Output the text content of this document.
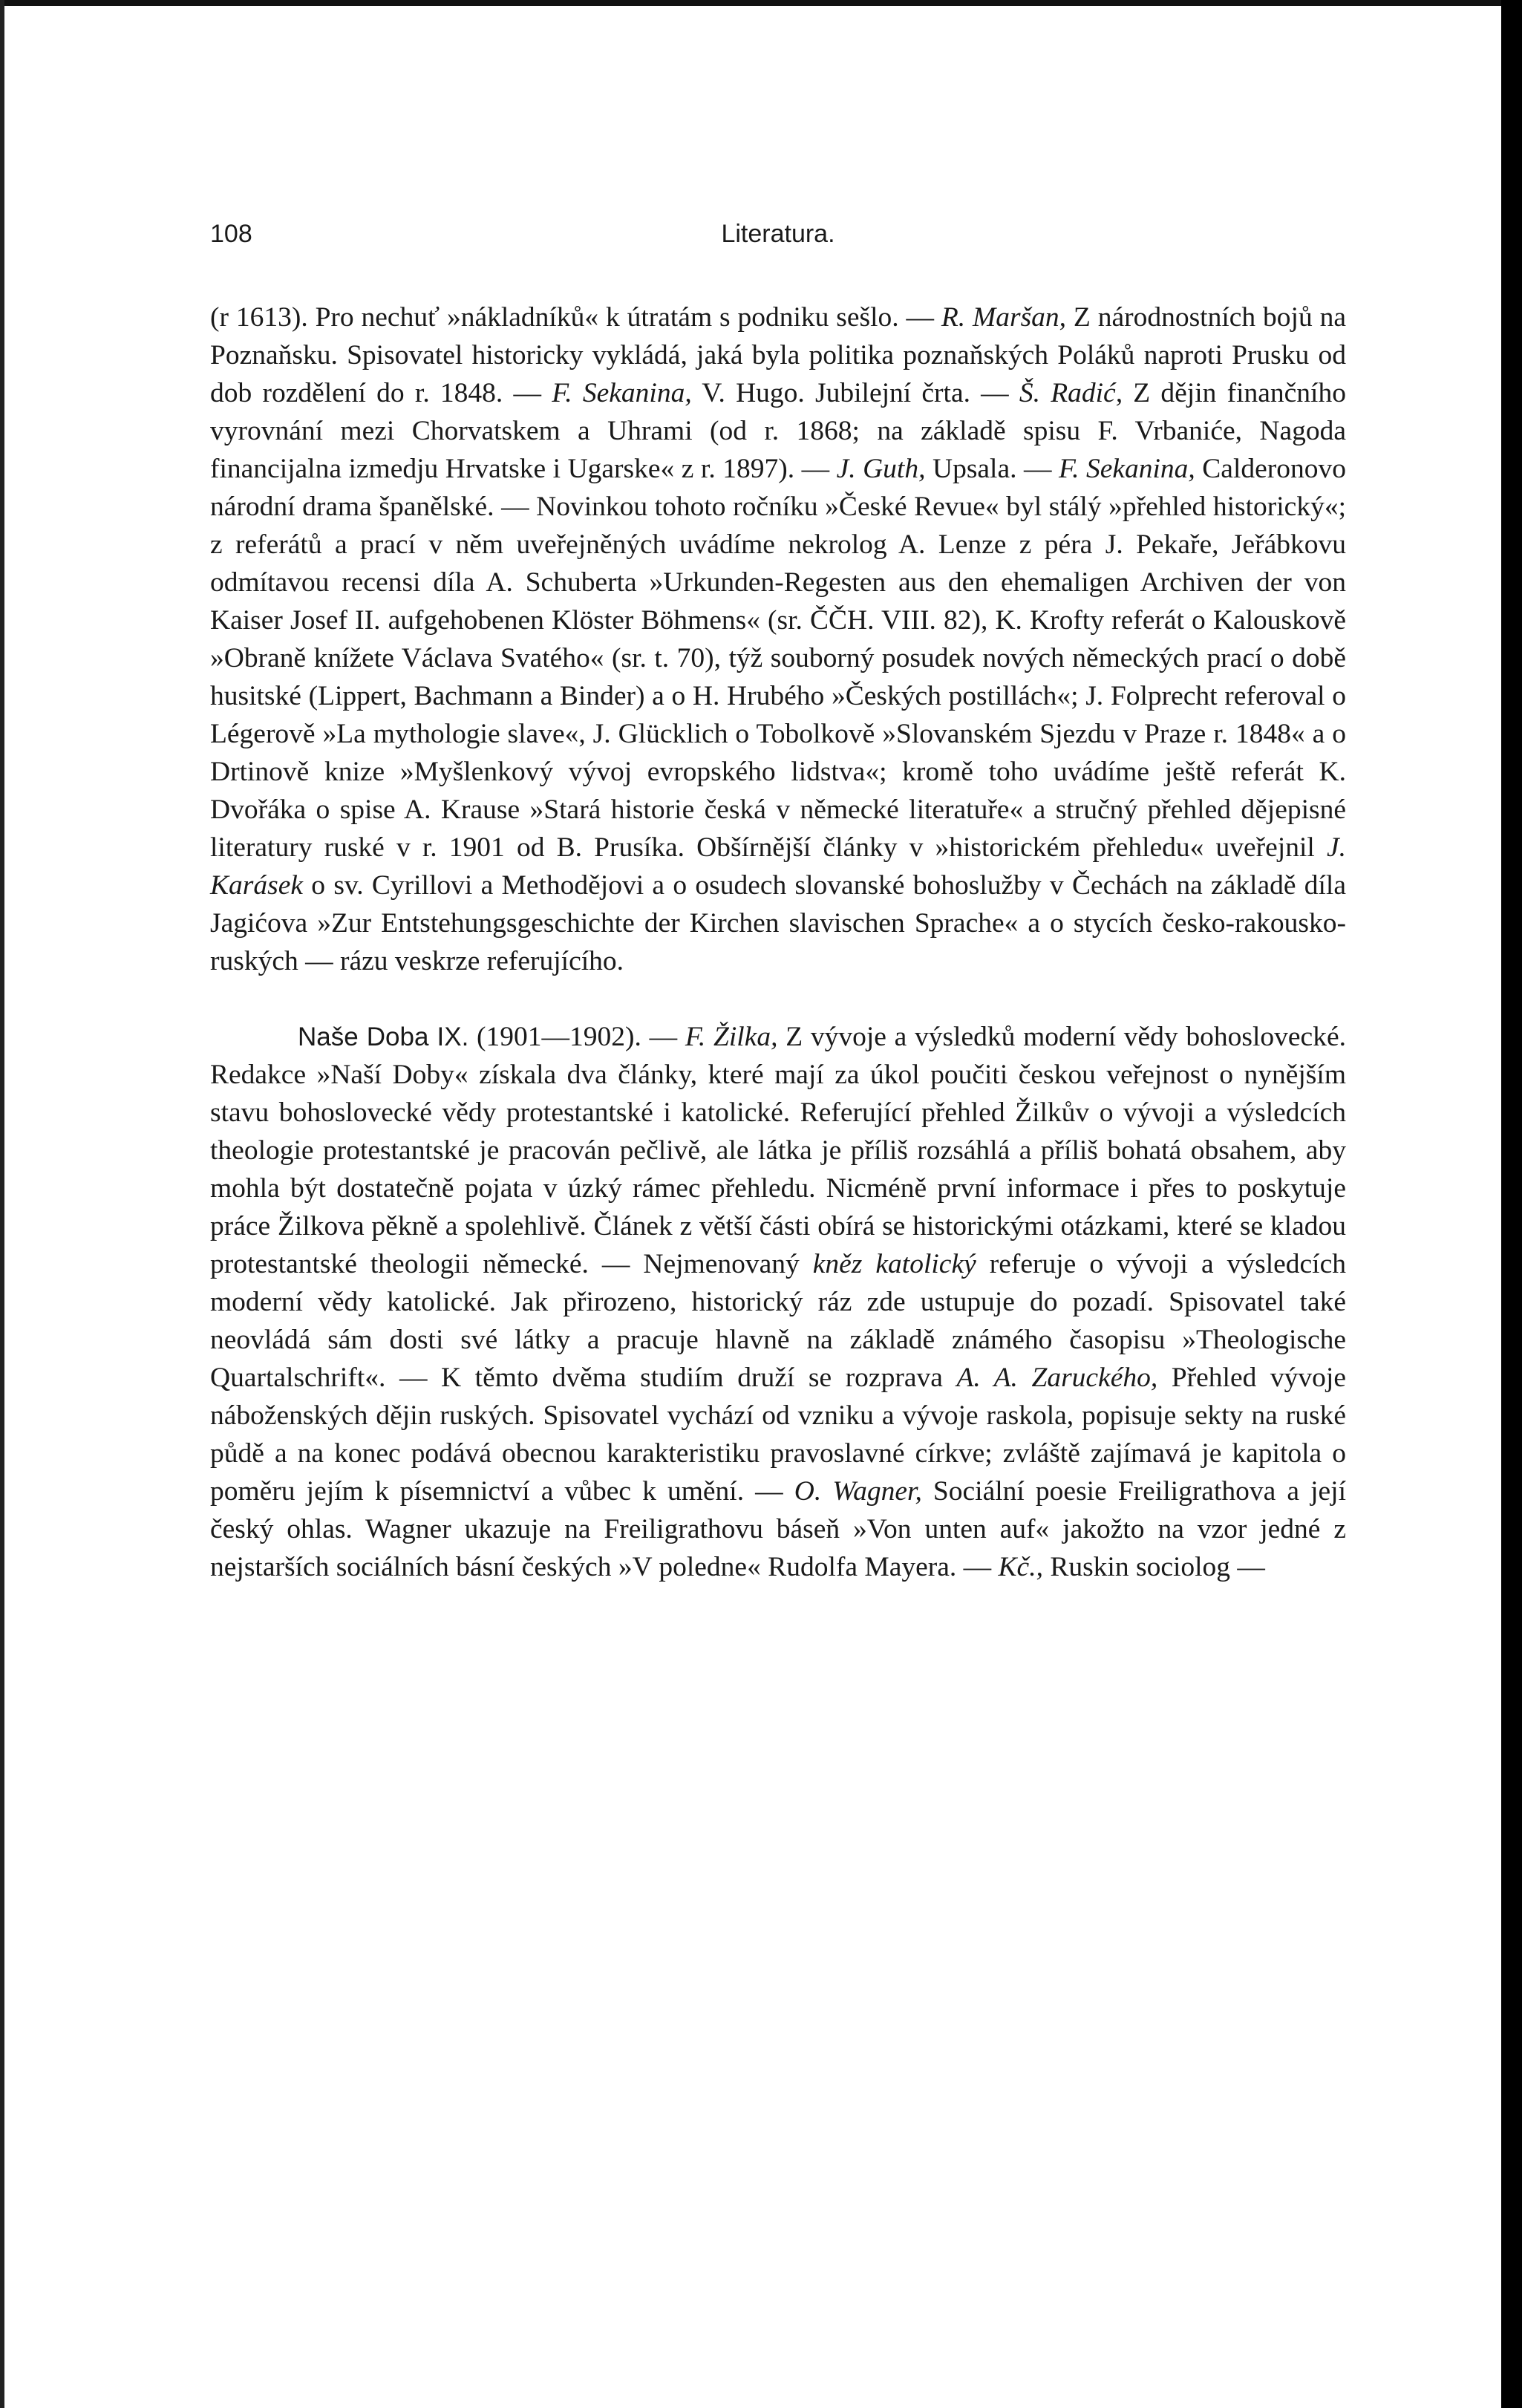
108	Literatura.

(r 1613). Pro nechuť »nákladníků« k útratám s podniku sešlo. — R. Maršan, Z národnostních bojů na Poznaňsku. Spisovatel historicky vykládá, jaká byla politika poznaňských Poláků naproti Prusku od dob rozdělení do r. 1848. — F. Sekanina, V. Hugo. Jubilejní črta. — Š. Radić, Z dějin finančního vyrovnání mezi Chorvatskem a Uhrami (od r. 1868; na základě spisu F. Vrbaniće, Nagoda financijalna izmedju Hrvatske i Ugarske« z r. 1897). — J. Guth, Upsala. — F. Sekanina, Calderonovo národní drama španělské. — Novinkou tohoto ročníku »České Revue« byl stálý »přehled historický«; z referátů a prací v něm uveřejněných uvádíme nekrolog A. Lenze z péra J. Pekaře, Jeřábkovu odmítavou recensi díla A. Schuberta »Urkunden-Regesten aus den ehemaligen Archiven der von Kaiser Josef II. aufgehobenen Klöster Böhmens« (sr. ČČH. VIII. 82), K. Krofty referát o Kalouskově »Obraně knížete Václava Svatého« (sr. t. 70), týž souborný posudek nových německých prací o době husitské (Lippert, Bachmann a Binder) a o H. Hrubého »Českých postillách«; J. Folprecht referoval o Légerově »La mythologie slave«, J. Glücklich o Tobolkově »Slovanském Sjezdu v Praze r. 1848« a o Drtinově knize »Myšlenkový vývoj evropského lidstva«; kromě toho uvádíme ještě referát K. Dvořáka o spise A. Krause »Stará historie česká v německé literatuře« a stručný přehled dějepisné literatury ruské v r. 1901 od B. Prusíka. Obšírnější články v »historickém přehledu« uveřejnil J. Karásek o sv. Cyrillovi a Methodějovi a o osudech slovanské bohoslužby v Čechách na základě díla Jagićova »Zur Entstehungsgeschichte der Kirchen slavischen Sprache« a o stycích česko-rakousko-ruských — rázu veskrze referujícího.

Naše Doba IX. (1901—1902). — F. Žilka, Z vývoje a výsledků moderní vědy bohoslovecké. Redakce »Naší Doby« získala dva články, které mají za úkol poučiti českou veřejnost o nynějším stavu bohoslovecké vědy protestantské i katolické. Referující přehled Žilkův o vývoji a výsledcích theologie protestantské je pracován pečlivě, ale látka je příliš rozsáhlá a příliš bohatá obsahem, aby mohla být dostatečně pojata v úzký rámec přehledu. Nicméně první informace i přes to poskytuje práce Žilkova pěkně a spolehlivě. Článek z větší části obírá se historickými otázkami, které se kladou protestantské theologii německé. — Nejmenovaný kněz katolický referuje o vývoji a výsledcích moderní vědy katolické. Jak přirozeno, historický ráz zde ustupuje do pozadí. Spisovatel také neovládá sám dosti své látky a pracuje hlavně na základě známého časopisu »Theologische Quartalschrift«. — K těmto dvěma studiím druží se rozprava A. A. Zaruckého, Přehled vývoje náboženských dějin ruských. Spisovatel vychází od vzniku a vývoje raskola, popisuje sekty na ruské půdě a na konec podává obecnou karakteristiku pravoslavné církve; zvláště zajímavá je kapitola o poměru jejím k písemnictví a vůbec k umění. — O. Wagner, Sociální poesie Freiligrathova a její český ohlas. Wagner ukazuje na Freiligrathovu báseň »Von unten auf« jakožto na vzor jedné z nejstarších sociálních básní českých »V poledne« Rudolfa Mayera. — Kč., Ruskin sociolog —
